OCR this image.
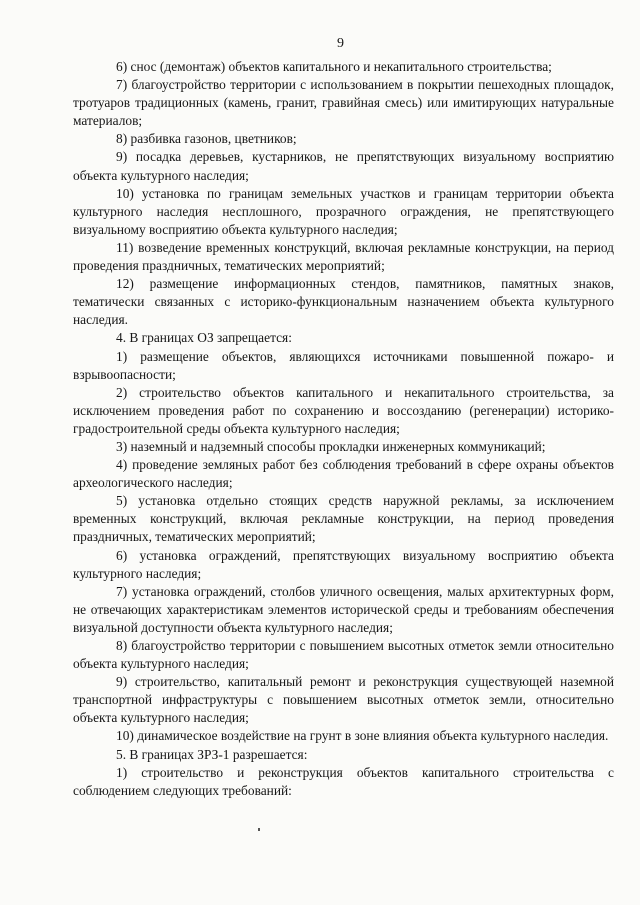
9

6) снос (демонтаж) объектов капитального и некапитального строительства;

7) благоустройство территории с использованием в покрытии пешеходных площадок, тротуаров традиционных (камень, гранит, гравийная смесь) или имитирующих натуральные материалов;

8) разбивка газонов, цветников;

9) посадка деревьев, кустарников, не препятствующих визуальному восприятию объекта культурного наследия;

10) установка по границам земельных участков и границам территории объекта культурного наследия несплошного, прозрачного ограждения, не препятствующего визуальному восприятию объекта культурного наследия;

11) возведение временных конструкций, включая рекламные конструкции, на период проведения праздничных, тематических мероприятий;

12) размещение информационных стендов, памятников, памятных знаков, тематически связанных с историко-функциональным назначением объекта культурного наследия.

4. В границах ОЗ запрещается:

1) размещение объектов, являющихся источниками повышенной пожаро- и взрывоопасности;

2) строительство объектов капитального и некапитального строительства, за исключением проведения работ по сохранению и воссозданию (регенерации) историко-градостроительной среды объекта культурного наследия;

3) наземный и надземный способы прокладки инженерных коммуникаций;

4) проведение земляных работ без соблюдения требований в сфере охраны объектов археологического наследия;

5) установка отдельно стоящих средств наружной рекламы, за исключением временных конструкций, включая рекламные конструкции, на период проведения праздничных, тематических мероприятий;

6) установка ограждений, препятствующих визуальному восприятию объекта культурного наследия;

7) установка ограждений, столбов уличного освещения, малых архитектурных форм, не отвечающих характеристикам элементов исторической среды и требованиям обеспечения визуальной доступности объекта культурного наследия;

8) благоустройство территории с повышением высотных отметок земли относительно объекта культурного наследия;

9) строительство, капитальный ремонт и реконструкция существующей наземной транспортной инфраструктуры с повышением высотных отметок земли, относительно объекта культурного наследия;

10) динамическое воздействие на грунт в зоне влияния объекта культурного наследия.

5. В границах ЗРЗ-1 разрешается:

1) строительство и реконструкция объектов капитального строительства с соблюдением следующих требований:
